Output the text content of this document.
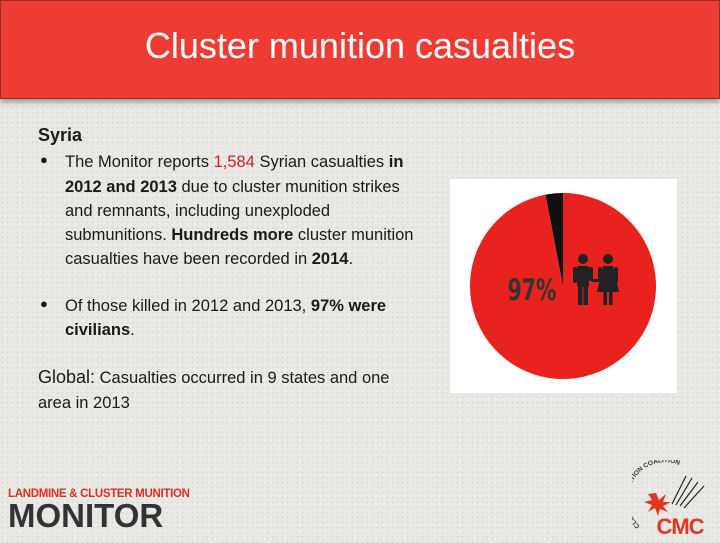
Cluster munition casualties
Syria
● The Monitor reports 1,584 Syrian casualties in 2012 and 2013 due to cluster munition strikes and remnants, including unexploded submunitions. Hundreds more cluster munition casualties have been recorded in 2014.
● Of those killed in 2012 and 2013, 97% were civilians.
Global: Casualties occurred in 9 states and one area in 2013
97%
LANDMINE & CLUSTER MUNITION
MONITOR	C ON COALITION
CMC
